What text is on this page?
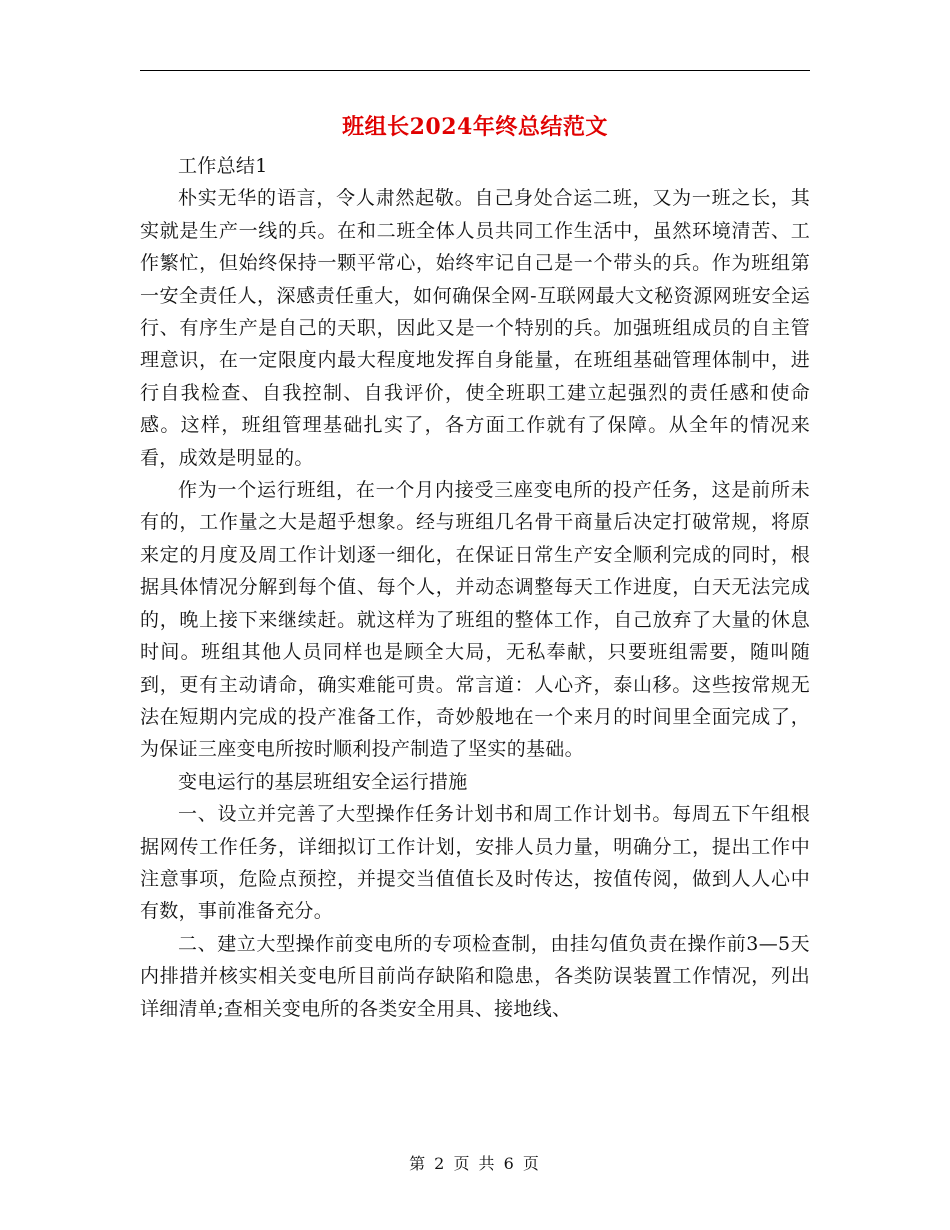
班组长2024年终总结范文

工作总结1

朴实无华的语言，令人肃然起敬。自己身处合运二班，又为一班之长，其实就是生产一线的兵。在和二班全体人员共同工作生活中，虽然环境清苦、工作繁忙，但始终保持一颗平常心，始终牢记自己是一个带头的兵。作为班组第一安全责任人，深感责任重大，如何确保全网-互联网最大文秘资源网班安全运行、有序生产是自己的天职，因此又是一个特别的兵。加强班组成员的自主管理意识，在一定限度内最大程度地发挥自身能量，在班组基础管理体制中，进行自我检查、自我控制、自我评价，使全班职工建立起强烈的责任感和使命感。这样，班组管理基础扎实了，各方面工作就有了保障。从全年的情况来看，成效是明显的。

作为一个运行班组，在一个月内接受三座变电所的投产任务，这是前所未有的，工作量之大是超乎想象。经与班组几名骨干商量后决定打破常规，将原来定的月度及周工作计划逐一细化，在保证日常生产安全顺利完成的同时，根据具体情况分解到每个值、每个人，并动态调整每天工作进度，白天无法完成的，晚上接下来继续赶。就这样为了班组的整体工作，自己放弃了大量的休息时间。班组其他人员同样也是顾全大局，无私奉献，只要班组需要，随叫随到，更有主动请命，确实难能可贵。常言道：人心齐，泰山移。这些按常规无法在短期内完成的投产准备工作，奇妙般地在一个来月的时间里全面完成了，为保证三座变电所按时顺利投产制造了坚实的基础。

变电运行的基层班组安全运行措施

一、设立并完善了大型操作任务计划书和周工作计划书。每周五下午组根据网传工作任务，详细拟订工作计划，安排人员力量，明确分工，提出工作中注意事项，危险点预控，并提交当值值长及时传达，按值传阅，做到人人心中有数，事前准备充分。

二、建立大型操作前变电所的专项检查制，由挂勾值负责在操作前3—5天内排措并核实相关变电所目前尚存缺陷和隐患，各类防误装置工作情况，列出详细清单;查相关变电所的各类安全用具、接地线、

第 2 页 共 6 页
